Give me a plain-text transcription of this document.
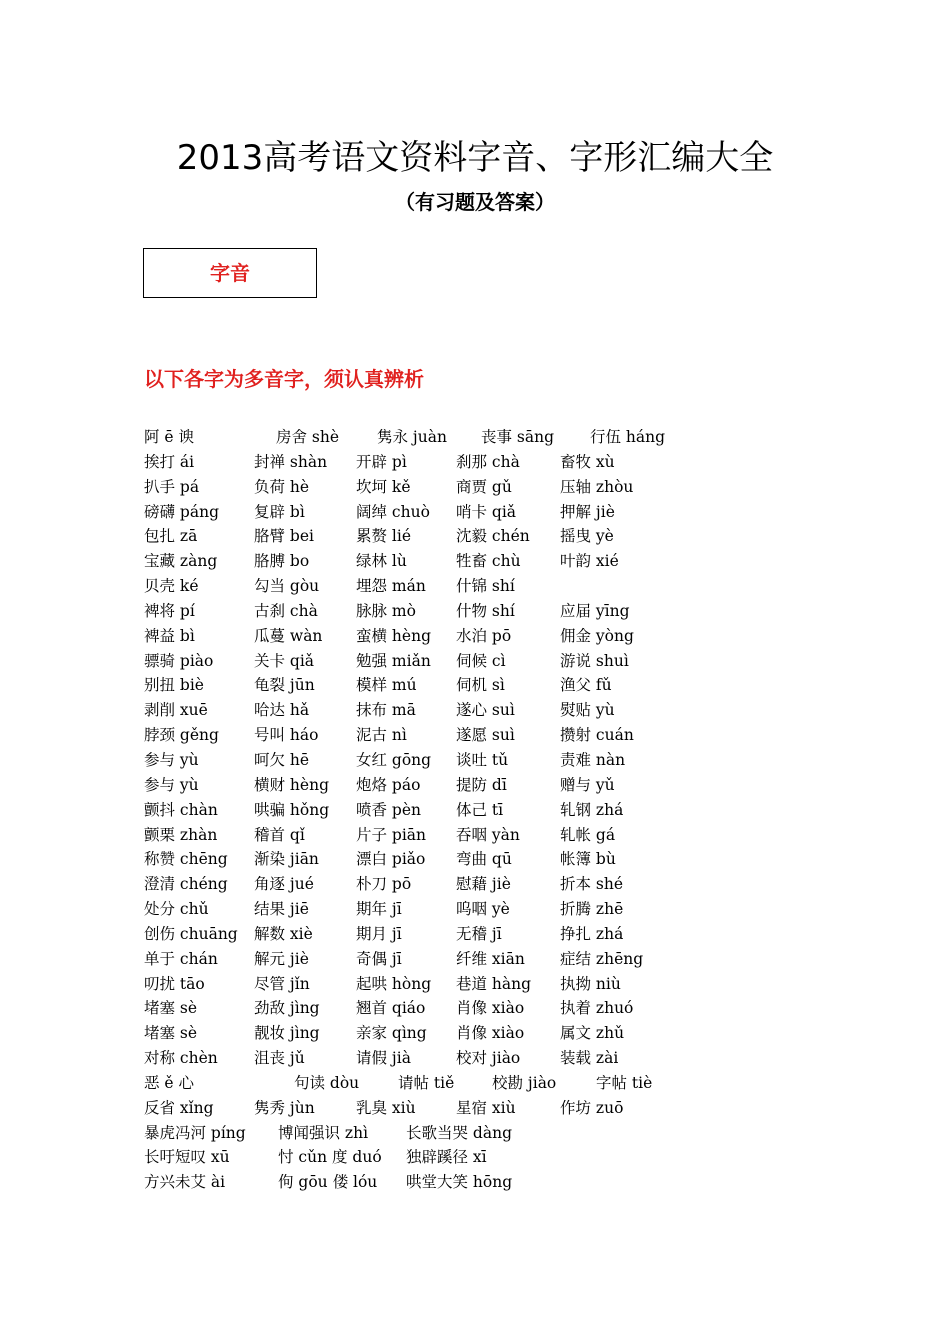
2013高考语文资料字音、字形汇编大全
（有习题及答案）
字音
以下各字为多音字，须认真辨析
阿 ē 谀	房舍 shè 隽永 juàn 丧事 sāng 行伍 háng
挨打 ái	封禅 shàn 开辟 pì	刹那 chà	畜牧 xù
扒手 pá	负荷 hè	坎坷 kě	商贾 gǔ	压轴 zhòu
磅礴 páng 复辟 bì	阔绰 chuò 哨卡 qiǎ	押解 jiè
包扎 zā	胳臂 bei	累赘 lié	沈毅 chén 摇曳 yè
宝藏 zàng 胳膊 bo	绿林 lù	牲畜 chù	叶韵 xié
贝壳 ké	勾当 gòu 埋怨 mán 什锦 shí
裨将 pí	古刹 chà 脉脉 mò	什物 shí	应届 yīng
裨益 bì	瓜蔓 wàn 蛮横 hèng 水泊 pō	佣金 yòng
骠骑 piào	关卡 qiǎ	勉强 miǎn 伺候 cì	游说 shuì
别扭 biè	龟裂 jūn	模样 mú	伺机 sì	渔父 fǔ
剥削 xuē	哈达 hǎ	抹布 mā	遂心 suì	熨贴 yù
脖颈 gěng 号叫 háo 泥古 nì	遂愿 suì	攒射 cuán
参与 yù	呵欠 hē	女红 gōng 谈吐 tǔ	责难 nàn
参与 yù	横财 hèng 炮烙 páo 提防 dī	赠与 yǔ
颤抖 chàn 哄骗 hǒng 喷香 pèn 体己 tī	轧钢 zhá
颤栗 zhàn 稽首 qǐ	片子 piān 吞咽 yàn	轧帐 gá
称赞 chēng 渐染 jiān 漂白 piǎo 弯曲 qū	帐簿 bù
澄清 chéng 角逐 jué	朴刀 pō	慰藉 jiè	折本 shé
处分 chǔ	结果 jiē	期年 jī	呜咽 yè	折腾 zhē
创伤 chuāng 解数 xiè	期月 jī	无稽 jī	挣扎 zhá
单于 chán 解元 jiè	奇偶 jī	纤维 xiān 症结 zhēng
叨扰 tāo	尽管 jǐn	起哄 hòng 巷道 hàng 执拗 niù
堵塞 sè	劲敌 jìng 翘首 qiáo 肖像 xiào 执着 zhuó
堵塞 sè	靓妆 jìng 亲家 qìng 肖像 xiào 属文 zhǔ
对称 chèn 沮丧 jǔ	请假 jià	校对 jiào	装载 zài
恶 ě 心	句读 dòu	请帖 tiě 校勘 jiào	字帖 tiè
反省 xǐng	隽秀 jùn	乳臭 xiù	星宿 xiù	作坊 zuō
暴虎冯河 píng 博闻强识 zhì 长歌当哭 dàng
长吁短叹 xū	忖 cǔn 度 duó 独辟蹊径 xī
方兴未艾 ài	佝 gōu 偻 lóu 哄堂大笑 hōng
